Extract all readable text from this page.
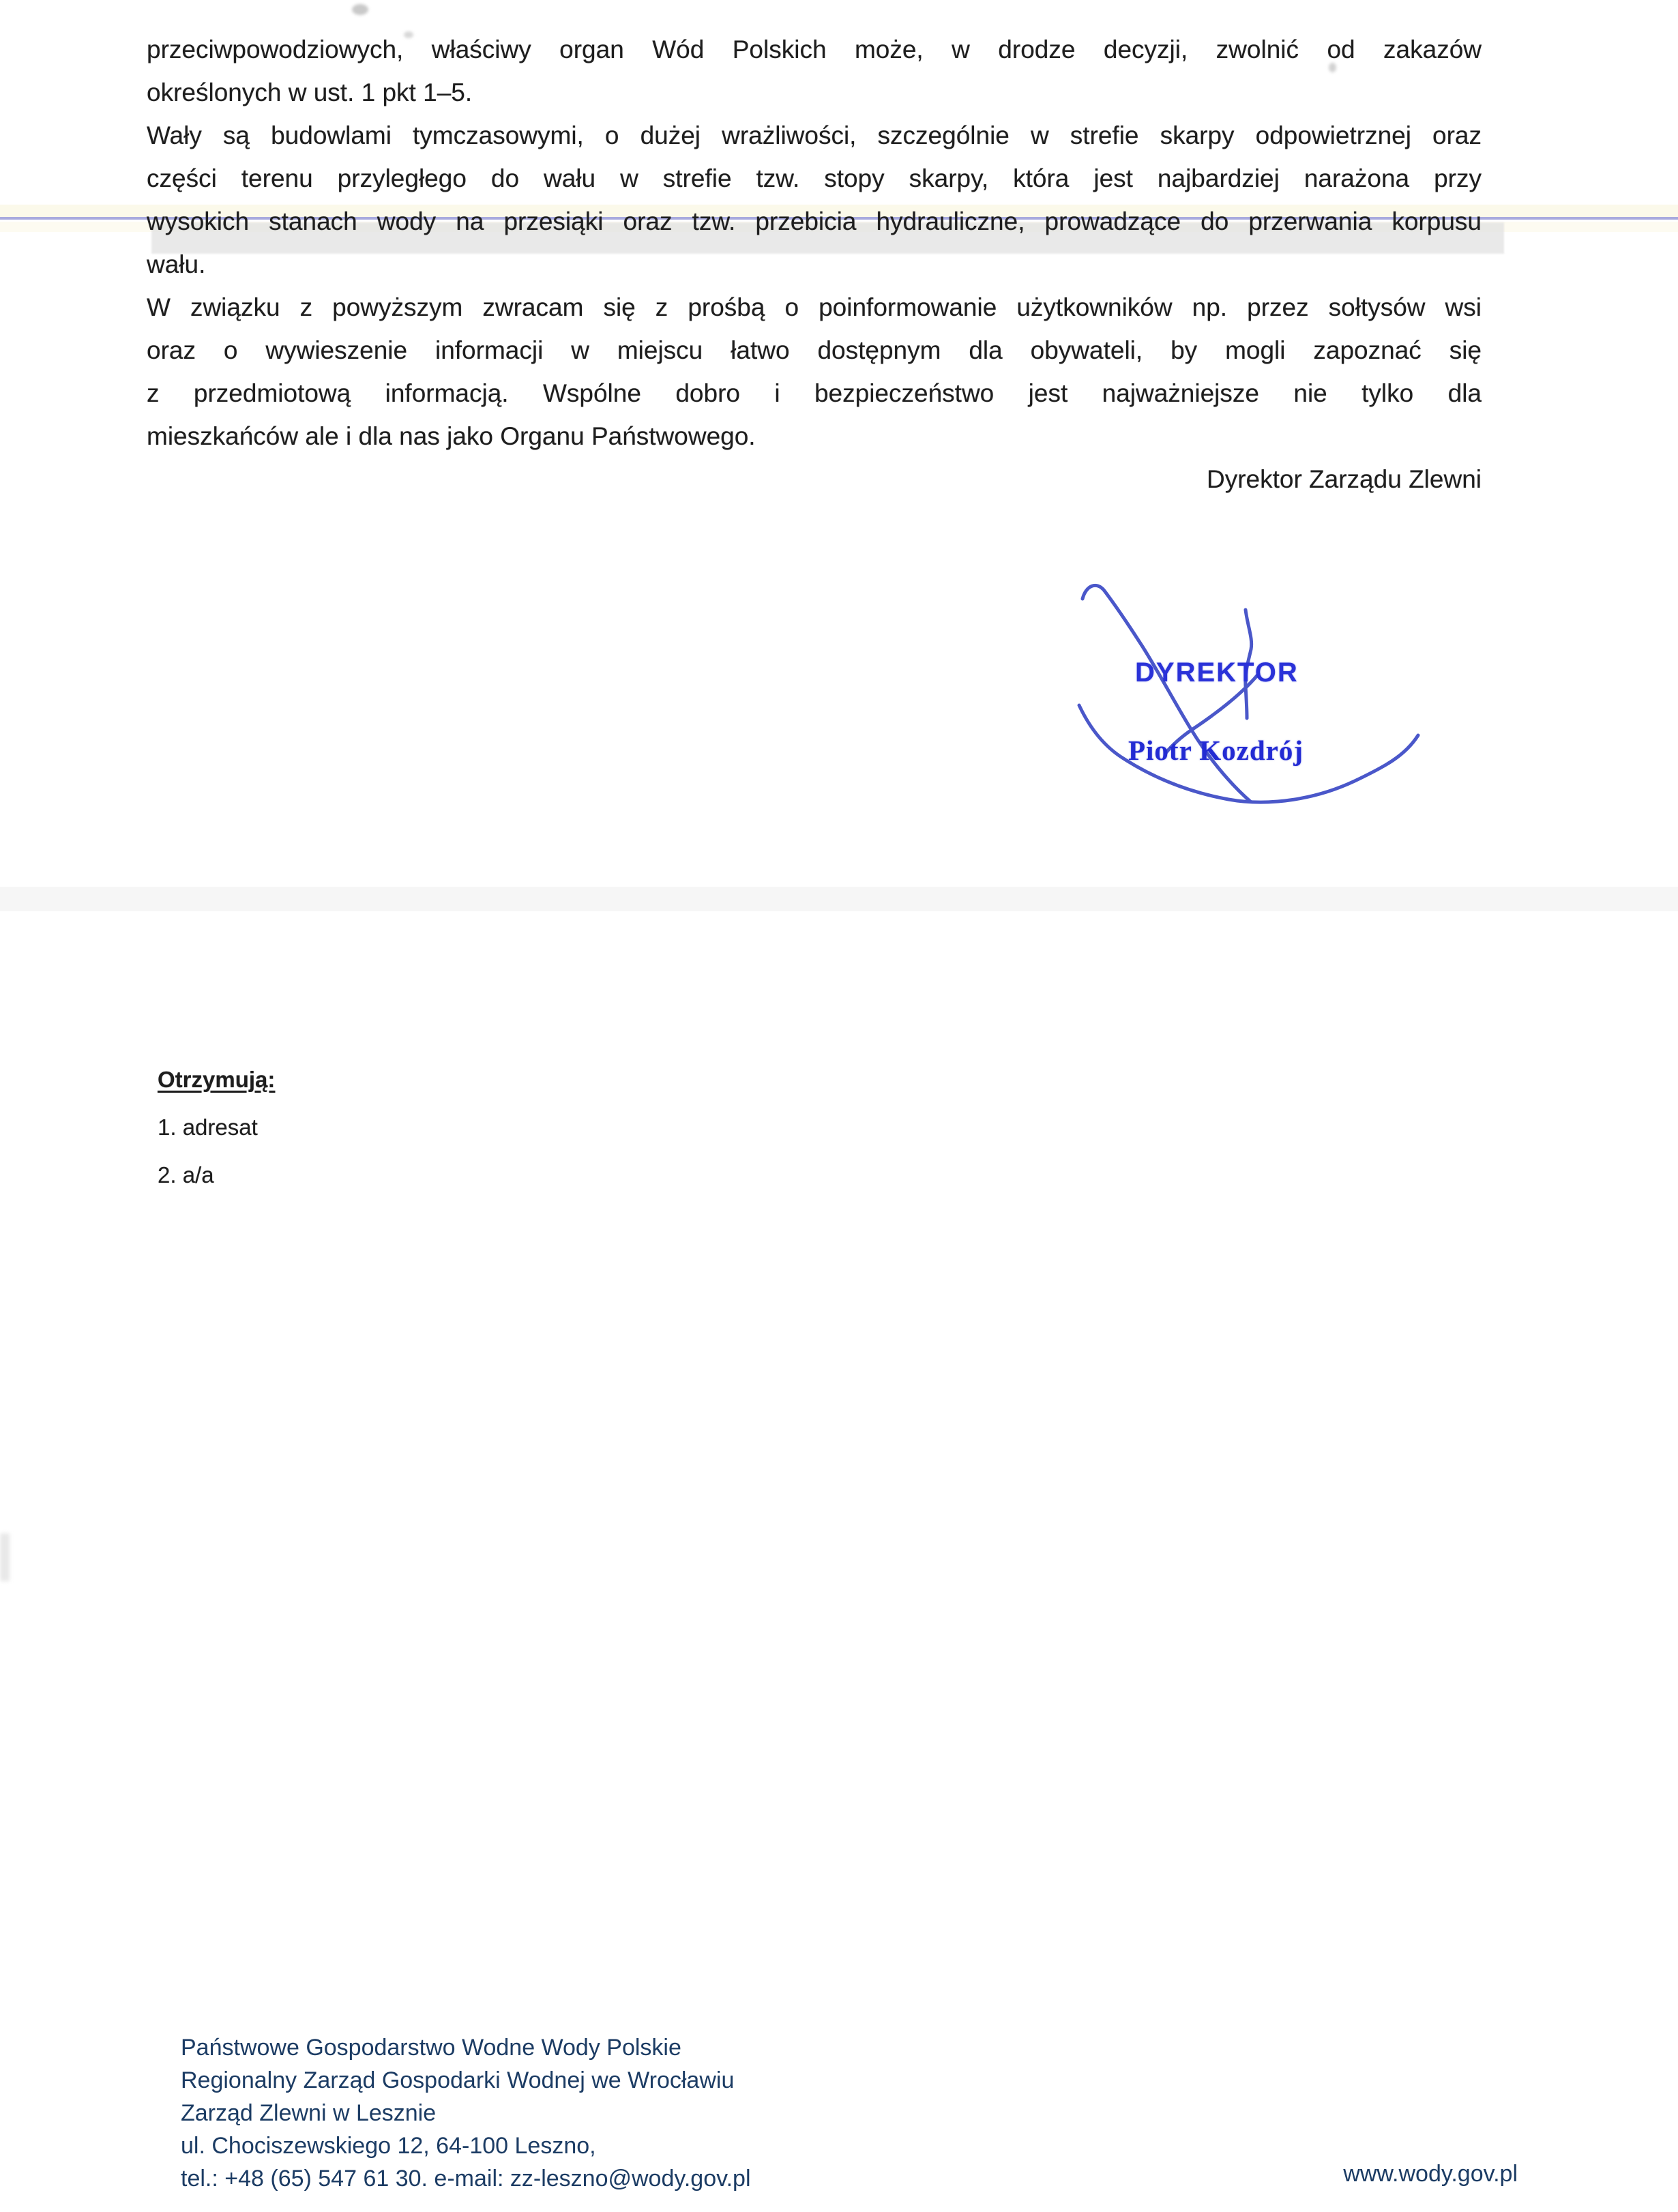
przeciwpowodziowych, właściwy organ Wód Polskich może, w drodze decyzji, zwolnić od zakazów
określonych w ust. 1 pkt 1–5.
Wały są budowlami tymczasowymi, o dużej wrażliwości, szczególnie w strefie skarpy odpowietrznej oraz
części terenu przyległego do wału w strefie tzw. stopy skarpy, która jest najbardziej narażona przy
wysokich stanach wody na przesiąki oraz tzw. przebicia hydrauliczne, prowadzące do przerwania korpusu
wału.
W związku z powyższym zwracam się z prośbą o poinformowanie użytkowników np. przez sołtysów wsi
oraz o wywieszenie informacji w miejscu łatwo dostępnym dla obywateli, by mogli zapoznać się
z przedmiotową informacją. Wspólne dobro i bezpieczeństwo jest najważniejsze nie tylko dla
mieszkańców ale i dla nas jako Organu Państwowego.
Dyrektor Zarządu Zlewni
DYREKTOR
Piotr Kozdrój
Otrzymują:
1. adresat
2. a/a
Państwowe Gospodarstwo Wodne Wody Polskie
Regionalny Zarząd Gospodarki Wodnej we Wrocławiu
Zarząd Zlewni w Lesznie
ul. Chociszewskiego 12, 64-100 Leszno,
tel.: +48 (65) 547 61 30. e-mail: zz-leszno@wody.gov.pl	www.wody.gov.pl
